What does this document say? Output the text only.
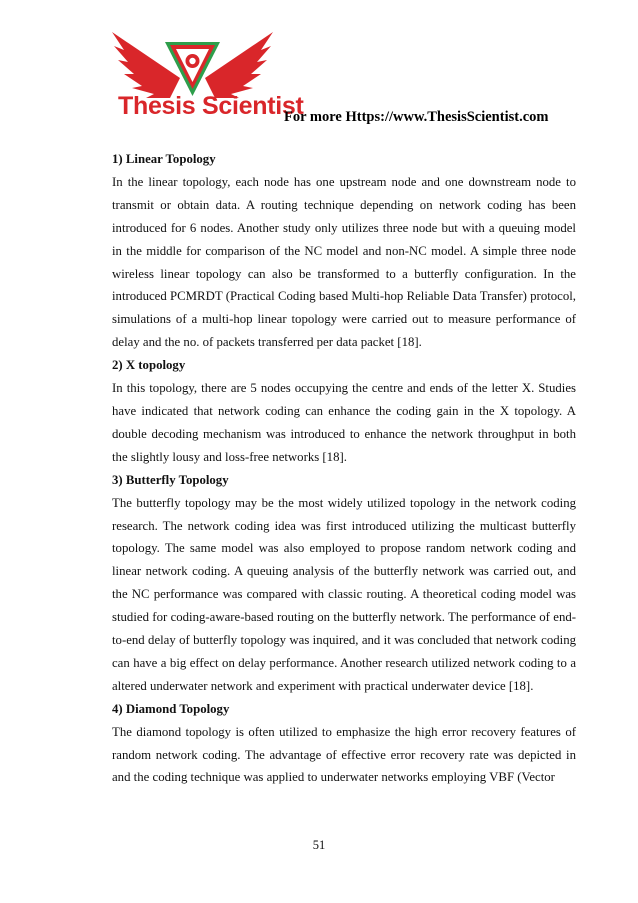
Thesis Scientist
For more Https://www.ThesisScientist.com
1) Linear Topology

In the linear topology, each node has one upstream node and one downstream node to transmit or obtain data. A routing technique depending on network coding has been introduced for 6 nodes. Another study only utilizes three node but with a queuing model in the middle for comparison of the NC model and non-NC model. A simple three node wireless linear topology can also be transformed to a butterfly configuration. In the introduced PCMRDT (Practical Coding based Multi-hop Reliable Data Transfer) protocol, simulations of a multi-hop linear topology were carried out to measure performance of delay and the no. of packets transferred per data packet [18].

2) X topology

In this topology, there are 5 nodes occupying the centre and ends of the letter X. Studies have indicated that network coding can enhance the coding gain in the X topology. A double decoding mechanism was introduced to enhance the network throughput in both the slightly lousy and loss-free networks [18].

3) Butterfly Topology

The butterfly topology may be the most widely utilized topology in the network coding research. The network coding idea was first introduced utilizing the multicast butterfly topology. The same model was also employed to propose random network coding and linear network coding. A queuing analysis of the butterfly network was carried out, and the NC performance was compared with classic routing. A theoretical coding model was studied for coding-aware-based routing on the butterfly network. The performance of end-to-end delay of butterfly topology was inquired, and it was concluded that network coding can have a big effect on delay performance. Another research utilized network coding to a altered underwater network and experiment with practical underwater device [18].

4) Diamond Topology

The diamond topology is often utilized to emphasize the high error recovery features of random network coding. The advantage of effective error recovery rate was depicted in and the coding technique was applied to underwater networks employing VBF (Vector

51
